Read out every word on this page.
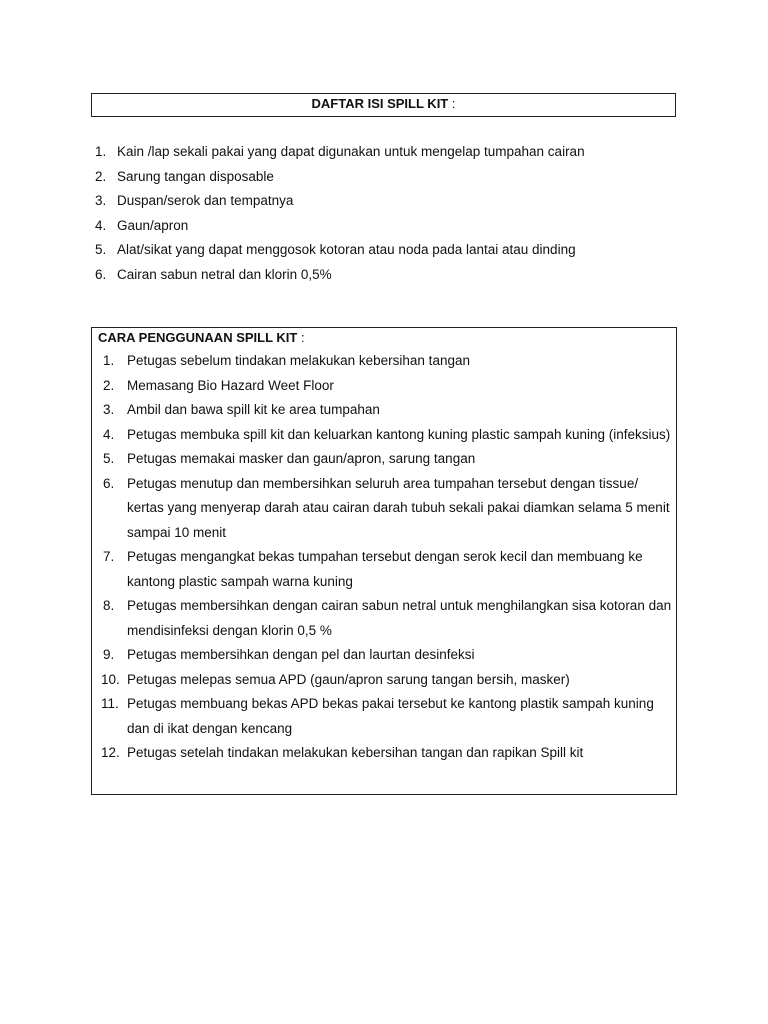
DAFTAR ISI SPILL KIT :
1. Kain /lap sekali pakai yang dapat digunakan untuk mengelap tumpahan cairan
2. Sarung tangan disposable
3. Duspan/serok dan tempatnya
4. Gaun/apron
5. Alat/sikat yang dapat menggosok kotoran atau noda pada lantai atau dinding
6. Cairan sabun netral dan klorin 0,5%
CARA PENGGUNAAN SPILL KIT :
1. Petugas sebelum tindakan melakukan kebersihan tangan
2. Memasang Bio Hazard Weet Floor
3. Ambil dan bawa spill kit ke area tumpahan
4. Petugas membuka spill kit dan keluarkan kantong kuning plastic sampah kuning (infeksius)
5. Petugas memakai masker dan gaun/apron, sarung tangan
6. Petugas menutup dan membersihkan seluruh area tumpahan tersebut dengan tissue/ kertas yang menyerap darah atau cairan darah tubuh sekali pakai diamkan selama 5 menit sampai 10 menit
7. Petugas mengangkat bekas tumpahan tersebut dengan serok kecil dan membuang ke kantong plastic sampah warna kuning
8. Petugas membersihkan dengan cairan sabun netral untuk menghilangkan sisa kotoran dan mendisinfeksi dengan klorin 0,5 %
9. Petugas membersihkan dengan pel dan laurtan desinfeksi
10. Petugas melepas semua APD (gaun/apron sarung tangan bersih, masker)
11. Petugas membuang bekas APD bekas pakai tersebut ke kantong plastik sampah kuning dan di ikat dengan kencang
12. Petugas setelah tindakan melakukan kebersihan tangan dan rapikan Spill kit
